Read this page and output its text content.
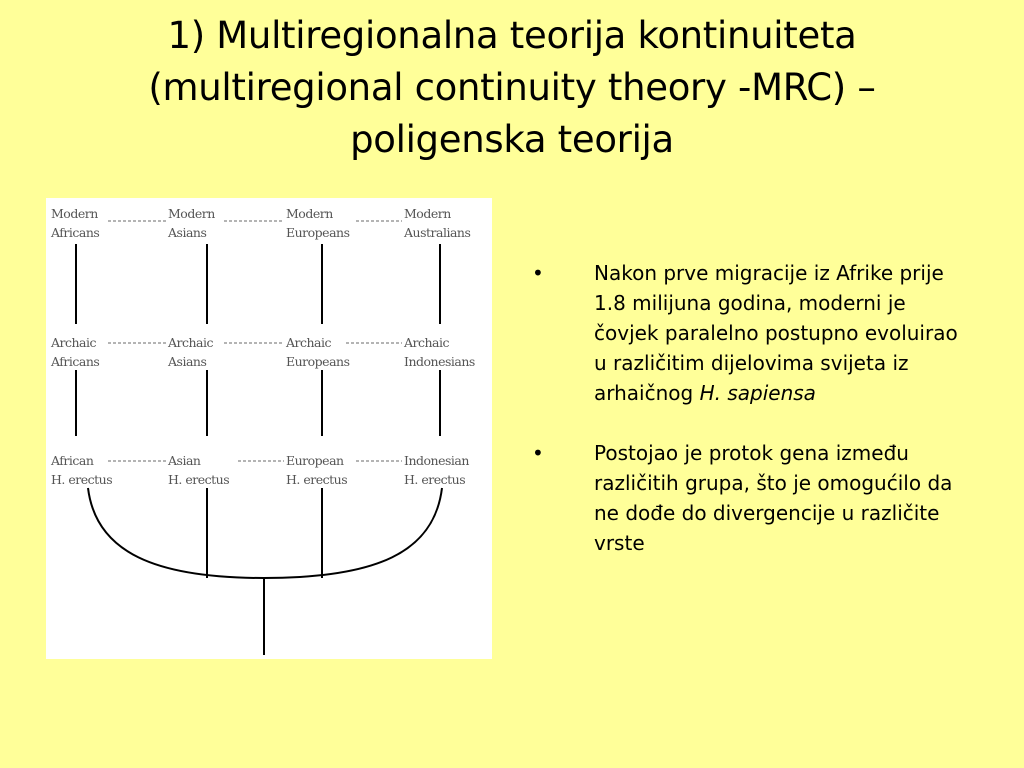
1) Multiregionalna teorija kontinuiteta
(multiregional continuity theory -MRC) –
poligenska teorija
Modern
Africans
Modern
Asians
Modern
Europeans
Modern
Australians
Archaic
Africans
Archaic
Asians
Archaic
Europeans
Archaic
Indonesians
African
H. erectus
Asian
H. erectus
European
H. erectus
Indonesian
H. erectus
•	Nakon prve migracije iz Afrike prije 1.8 milijuna godina, moderni je čovjek paralelno postupno evoluirao u različitim dijelovima svijeta iz arhaičnog H. sapiensa
•	Postojao je protok gena između različitih grupa, što je omogućilo da ne dođe do divergencije u različite vrste
